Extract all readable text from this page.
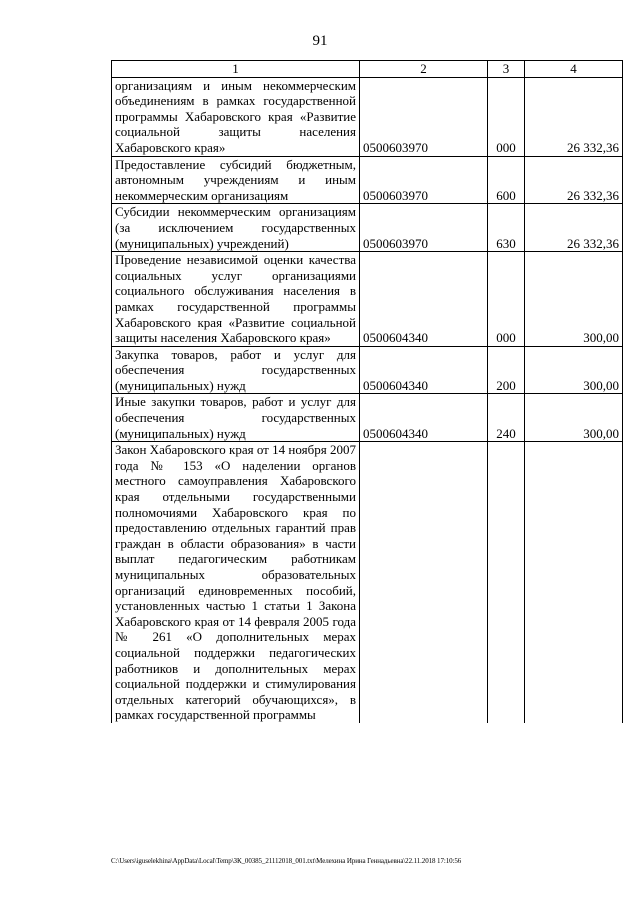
91
1	2	3	4
организациям и иным некоммерческим объединениям в рамках государственной программы Хабаровского края «Развитие социальной защиты населения Хабаровского края»	0500603970	000	26 332,36
Предоставление субсидий бюджетным, автономным учреждениям и иным некоммерческим организациям	0500603970	600	26 332,36
Субсидии некоммерческим организациям (за исключением государственных (муниципальных) учреждений)	0500603970	630	26 332,36
Проведение независимой оценки качества социальных услуг организациями социального обслуживания населения в рамках государственной программы Хабаровского края «Развитие социальной защиты населения Хабаровского края»	0500604340	000	300,00
Закупка товаров, работ и услуг для обеспечения государственных (муниципальных) нужд	0500604340	200	300,00
Иные закупки товаров, работ и услуг для обеспечения государственных (муниципальных) нужд	0500604340	240	300,00
Закон Хабаровского края от 14 ноября 2007 года № 153 «О наделении органов местного самоуправления Хабаровского края отдельными государственными полномочиями Хабаровского края по предоставлению отдельных гарантий прав граждан в области образования» в части выплат педагогическим работникам муниципальных образовательных организаций единовременных пособий, установленных частью 1 статьи 1 Закона Хабаровского края от 14 февраля 2005 года № 261 «О дополнительных мерах социальной поддержки педагогических работников и дополнительных мерах социальной поддержки и стимулирования отдельных категорий обучающихся», в рамках государственной программы			
C:\Users\iguselekhina\AppData\Local\Temp\ЗК_00385_21112018_001.txt\Мелехина Ирина Геннадьевна\22.11.2018 17:10:56
